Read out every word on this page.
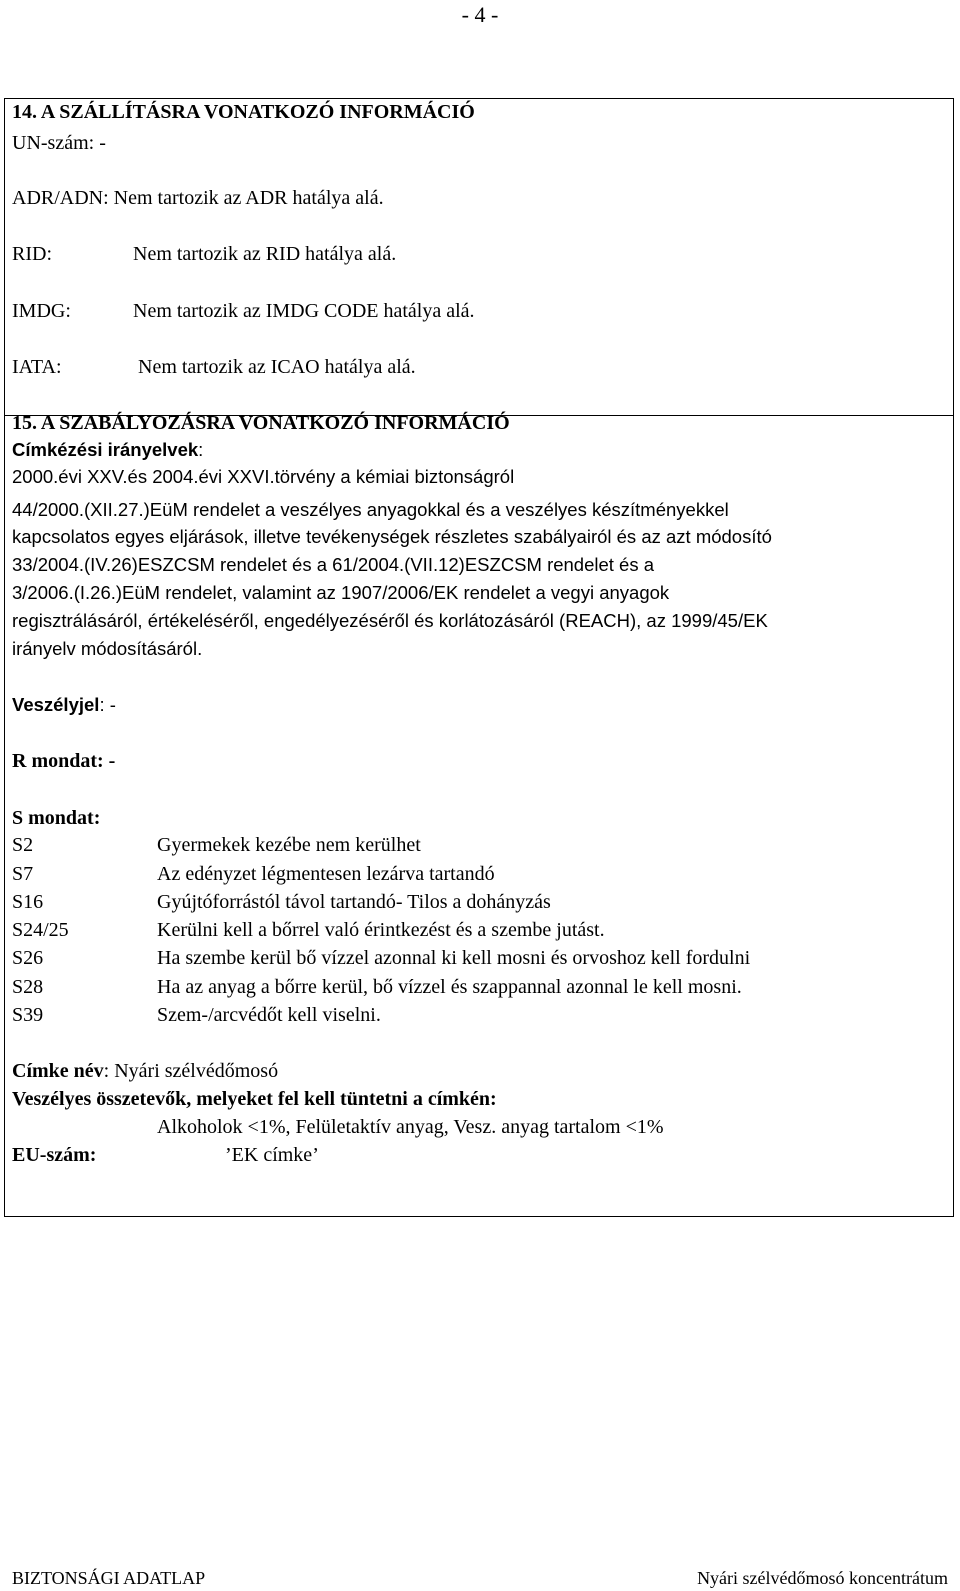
- 4 -
14. A SZÁLLÍTÁSRA VONATKOZÓ INFORMÁCIÓ
UN-szám: -
ADR/ADN: Nem tartozik az ADR hatálya alá.
RID:	Nem tartozik az RID hatálya alá.
IMDG:	Nem tartozik az IMDG CODE hatálya alá.
IATA:	Nem tartozik az ICAO hatálya alá.
15. A SZABÁLYOZÁSRA VONATKOZÓ INFORMÁCIÓ
Címkézési irányelvek:
2000.évi XXV.és 2004.évi XXVI.törvény a kémiai biztonságról
44/2000.(XII.27.)EüM rendelet a veszélyes anyagokkal és a veszélyes készítményekkel
kapcsolatos egyes eljárások, illetve tevékenységek részletes szabályairól és az azt módosító
33/2004.(IV.26)ESZCSM rendelet és a 61/2004.(VII.12)ESZCSM rendelet és a
3/2006.(I.26.)EüM rendelet, valamint az 1907/2006/EK rendelet a vegyi anyagok
regisztrálásáról, értékeléséről, engedélyezéséről és korlátozásáról (REACH), az 1999/45/EK
irányelv módosításáról.
Veszélyjel: -
R mondat: -
S mondat:
S2	Gyermekek kezébe nem kerülhet
S7	Az edényzet légmentesen lezárva tartandó
S16	Gyújtóforrástól távol tartandó- Tilos a dohányzás
S24/25	Kerülni kell a bőrrel való érintkezést és a szembe jutást.
S26	Ha szembe kerül bő vízzel azonnal ki kell mosni és orvoshoz kell fordulni
S28	Ha az anyag a bőrre kerül, bő vízzel és szappannal azonnal le kell mosni.
S39	Szem-/arcvédőt kell viselni.
Címke név: Nyári szélvédőmosó
Veszélyes összetevők, melyeket fel kell tüntetni a címkén:
Alkoholok <1%, Felületaktív anyag, Vesz. anyag tartalom <1%
EU-szám:	’EK címke’
BIZTONSÁGI ADATLAP	Nyári szélvédőmosó koncentrátum
